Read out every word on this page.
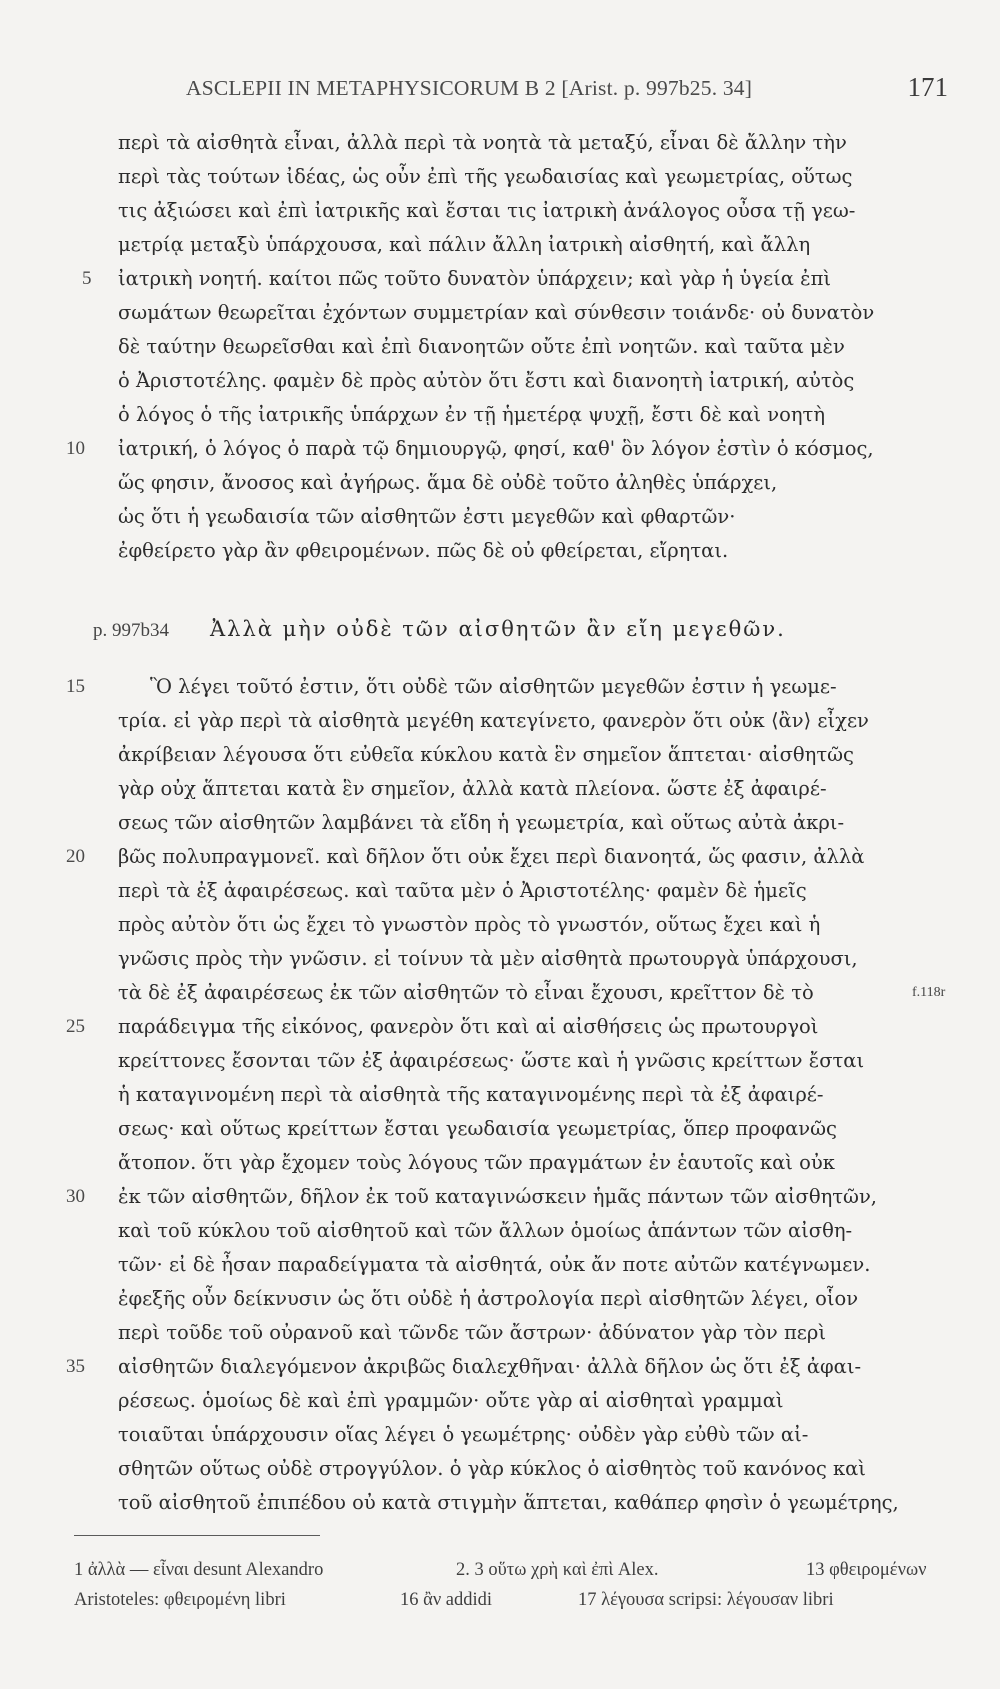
ASCLEPII IN METAPHYSICORUM B 2 [Arist. p. 997b25. 34]	171
περὶ τὰ αἰσθητὰ εἶναι, ἀλλὰ περὶ τὰ νοητὰ τὰ μεταξύ, εἶναι δὲ ἄλλην τὴν
περὶ τὰς τούτων ἰδέας, ὡς οὖν ἐπὶ τῆς γεωδαισίας καὶ γεωμετρίας, οὕτως
τις ἀξιώσει καὶ ἐπὶ ἰατρικῆς καὶ ἔσται τις ἰατρικὴ ἀνάλογος οὖσα τῇ γεω-
μετρίᾳ μεταξὺ ὑπάρχουσα, καὶ πάλιν ἄλλη ἰατρικὴ αἰσθητή, καὶ ἄλλη
ἰατρικὴ νοητή. καίτοι πῶς τοῦτο δυνατὸν ὑπάρχειν; καὶ γὰρ ἡ ὑγεία ἐπὶ
σωμάτων θεωρεῖται ἐχόντων συμμετρίαν καὶ σύνθεσιν τοιάνδε· οὐ δυνατὸν
δὲ ταύτην θεωρεῖσθαι καὶ ἐπὶ διανοητῶν οὔτε ἐπὶ νοητῶν. καὶ ταῦτα μὲν
ὁ Ἀριστοτέλης. φαμὲν δὲ πρὸς αὐτὸν ὅτι ἔστι καὶ διανοητὴ ἰατρική, αὐτὸς
ὁ λόγος ὁ τῆς ἰατρικῆς ὑπάρχων ἐν τῇ ἡμετέρᾳ ψυχῇ, ἔστι δὲ καὶ νοητὴ
ἰατρική, ὁ λόγος ὁ παρὰ τῷ δημιουργῷ, φησί, καθ' ὃν λόγον ἐστὶν ὁ κόσμος,
ὥς φησιν, ἄνοσος καὶ ἀγήρως. ἅμα δὲ οὐδὲ τοῦτο ἀληθὲς ὑπάρχει,
ὡς ὅτι ἡ γεωδαισία τῶν αἰσθητῶν ἐστι μεγεθῶν καὶ φθαρτῶν·
ἐφθείρετο γὰρ ἂν φθειρομένων. πῶς δὲ οὐ φθείρεται, εἴρηται.
p. 997b34 Ἀλλὰ μὴν οὐδὲ τῶν αἰσθητῶν ἂν εἴη μεγεθῶν.
Ὃ λέγει τοῦτό ἐστιν, ὅτι οὐδὲ τῶν αἰσθητῶν μεγεθῶν ἐστιν ἡ γεωμε-
τρία. εἰ γὰρ περὶ τὰ αἰσθητὰ μεγέθη κατεγίνετο, φανερὸν ὅτι οὐκ ⟨ἂν⟩ εἶχεν
ἀκρίβειαν λέγουσα ὅτι εὐθεῖα κύκλου κατὰ ἓν σημεῖον ἅπτεται· αἰσθητῶς
γὰρ οὐχ ἅπτεται κατὰ ἓν σημεῖον, ἀλλὰ κατὰ πλείονα. ὥστε ἐξ ἀφαιρέ-
σεως τῶν αἰσθητῶν λαμβάνει τὰ εἴδη ἡ γεωμετρία, καὶ οὕτως αὐτὰ ἀκρι-
βῶς πολυπραγμονεῖ. καὶ δῆλον ὅτι οὐκ ἔχει περὶ διανοητά, ὥς φασιν, ἀλλὰ
περὶ τὰ ἐξ ἀφαιρέσεως. καὶ ταῦτα μὲν ὁ Ἀριστοτέλης· φαμὲν δὲ ἡμεῖς
πρὸς αὐτὸν ὅτι ὡς ἔχει τὸ γνωστὸν πρὸς τὸ γνωστόν, οὕτως ἔχει καὶ ἡ
γνῶσις πρὸς τὴν γνῶσιν. εἰ τοίνυν τὰ μὲν αἰσθητὰ πρωτουργὰ ὑπάρχουσι,
τὰ δὲ ἐξ ἀφαιρέσεως ἐκ τῶν αἰσθητῶν τὸ εἶναι ἔχουσι, κρεῖττον δὲ τὸ
παράδειγμα τῆς εἰκόνος, φανερὸν ὅτι καὶ αἱ αἰσθήσεις ὡς πρωτουργοὶ
κρείττονες ἔσονται τῶν ἐξ ἀφαιρέσεως· ὥστε καὶ ἡ γνῶσις κρείττων ἔσται
ἡ καταγινομένη περὶ τὰ αἰσθητὰ τῆς καταγινομένης περὶ τὰ ἐξ ἀφαιρέ-
σεως· καὶ οὕτως κρείττων ἔσται γεωδαισία γεωμετρίας, ὅπερ προφανῶς
ἄτοπον. ὅτι γὰρ ἔχομεν τοὺς λόγους τῶν πραγμάτων ἐν ἑαυτοῖς καὶ οὐκ
ἐκ τῶν αἰσθητῶν, δῆλον ἐκ τοῦ καταγινώσκειν ἡμᾶς πάντων τῶν αἰσθητῶν,
καὶ τοῦ κύκλου τοῦ αἰσθητοῦ καὶ τῶν ἄλλων ὁμοίως ἁπάντων τῶν αἰσθη-
τῶν· εἰ δὲ ἦσαν παραδείγματα τὰ αἰσθητά, οὐκ ἄν ποτε αὐτῶν κατέγνωμεν.
ἐφεξῆς οὖν δείκνυσιν ὡς ὅτι οὐδὲ ἡ ἀστρολογία περὶ αἰσθητῶν λέγει, οἷον
περὶ τοῦδε τοῦ οὐρανοῦ καὶ τῶνδε τῶν ἄστρων· ἀδύνατον γὰρ τὸν περὶ
αἰσθητῶν διαλεγόμενον ἀκριβῶς διαλεχθῆναι· ἀλλὰ δῆλον ὡς ὅτι ἐξ ἀφαι-
ρέσεως. ὁμοίως δὲ καὶ ἐπὶ γραμμῶν· οὔτε γὰρ αἱ αἰσθηταὶ γραμμαὶ
τοιαῦται ὑπάρχουσιν οἵας λέγει ὁ γεωμέτρης· οὐδὲν γὰρ εὐθὺ τῶν αἰ-
σθητῶν οὕτως οὐδὲ στρογγύλον. ὁ γὰρ κύκλος ὁ αἰσθητὸς τοῦ κανόνος καὶ
τοῦ αἰσθητοῦ ἐπιπέδου οὐ κατὰ στιγμὴν ἅπτεται, καθάπερ φησὶν ὁ γεωμέτρης,
5
10
15
20
25
30
35
f.118r
1 ἀλλὰ — εἶναι desunt Alexandro	2. 3 οὕτω χρὴ καὶ ἐπὶ Alex.	13 φθειρομένων
Aristoteles: φθειρομένη libri	16 ἂν addidi	17 λέγουσα scripsi: λέγουσαν libri
